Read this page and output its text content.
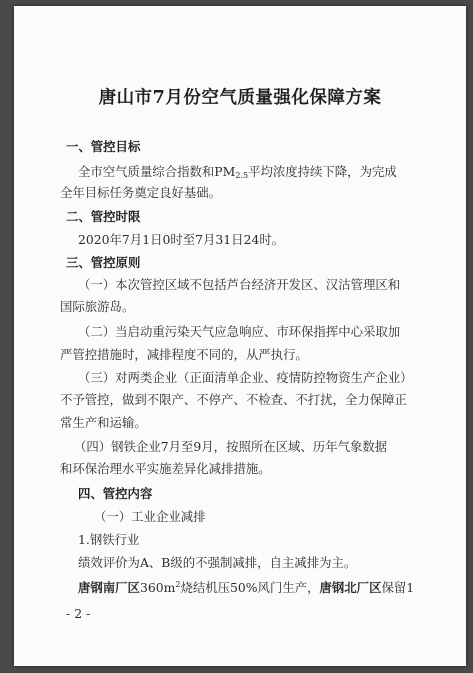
唐山市7月份空气质量强化保障方案
一、管控目标
全市空气质量综合指数和$PM_{2.5}$平均浓度持续下降，为完成
全年目标任务奠定良好基础。
二、管控时限
2020年7月1日0时至7月31日24时。
三、管控原则
（一）本次管控区域不包括芦台经济开发区、汉沽管理区和
国际旅游岛。
（二）当启动重污染天气应急响应、市环保指挥中心采取加
严管控措施时，减排程度不同的，从严执行。
（三）对两类企业（正面清单企业、疫情防控物资生产企业）
不予管控，做到不限产、不停产、不检查、不打扰，全力保障正
常生产和运输。
（四）钢铁企业7月至9月，按照所在区域、历年气象数据
和环保治理水平实施差异化减排措施。
四、管控内容
（一）工业企业减排
1.钢铁行业
绩效评价为A、B级的不强制减排，自主减排为主。
唐钢南厂区$360m^2$烧结机压50%风门生产，唐钢北厂区保留1
- 2 -
